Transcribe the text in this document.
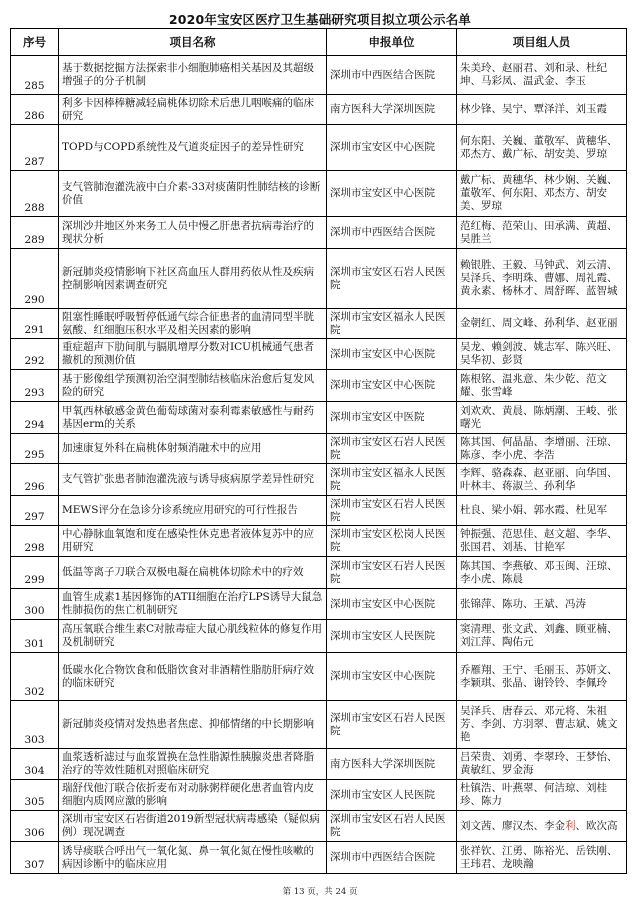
2020年宝安区医疗卫生基础研究项目拟立项公示名单
序号	项目名称	申报单位	项目组人员
285	基于数据挖掘方法探索非小细胞肺癌相关基因及其超级增强子的分子机制	深圳市中西医结合医院	朱美玲、赵丽君、刘和录、杜纪坤、马彩凤、温武金、李玉
286	利多卡因棒棒糖减轻扁桃体切除术后患儿咽喉痛的临床研究	南方医科大学深圳医院	林少锋、吴宁、覃泽洋、刘玉霞
287	TOPD与COPD系统性及气道炎症因子的差异性研究	深圳市宝安区中心医院	何东阳、关巍、董敬军、黄穗华、邓杰方、戴广标、胡安美、罗琼
288	支气管肺泡灌洗液中白介素-33对痰菌阴性肺结核的诊断价值	深圳市宝安区中心医院	戴广标、黄穗华、林少娴、关巍、董敬军、何东阳、邓杰方、胡安美、罗琼
289	深圳沙井地区外来务工人员中慢乙肝患者抗病毒治疗的现状分析	深圳市中西医结合医院	范红梅、范荣山、田承满、黄超、吴胜兰
290	新冠肺炎疫情影响下社区高血压人群用药依从性及疾病控制影响因素调查研究	深圳市宝安区石岩人民医院	赖银胜、王毅、马钟武、刘云清、吴泽兵、李明珠、曹娜、周礼霞、黄永素、杨林才、周舒晖、蓝智城
291	阻塞性睡眠呼吸暂停低通气综合征患者的血清同型半胱氨酸、红细胞压积水平及相关因素的影响	深圳市宝安区福永人民医院	金朝红、周文峰、孙利华、赵亚丽
292	重症超声下肋间肌与膈肌增厚分数对ICU机械通气患者撤机的预测价值	深圳市宝安区中心医院	吴龙、赖剑波、姚志军、陈兴旺、吴华初、彭贤
293	基于影像组学预测初治空洞型肺结核临床治愈后复发风险的研究	深圳市宝安区中心医院	陈根铭、温兆意、朱少乾、范文耀、张雪峰
294	甲氧西林敏感金黄色葡萄球菌对泰利霉素敏感性与耐药基因erm的关系	深圳市宝安区中医院	刘欢欢、黄晨、陈炳潮、王峻、张曙光
295	加速康复外科在扁桃体射频消融术中的应用	深圳市宝安区石岩人民医院	陈其国、何晶晶、李增丽、汪琼、陈彦、李小虎、李浩
296	支气管扩张患者肺泡灌洗液与诱导痰病原学差异性研究	深圳市宝安区福永人民医院	李辉、骆森森、赵亚丽、向华国、叶林丰、蒋淑兰、孙利华
297	MEWS评分在急诊分诊系统应用研究的可行性报告	深圳市宝安区石岩人民医院	杜良、梁小娟、郭水霞、杜见军
298	中心静脉血氧饱和度在感染性休克患者液体复苏中的应用研究	深圳市宝安区松岗人民医院	钟振强、范思佳、赵文超、李华、张国君、刘基、甘艳军
299	低温等离子刀联合双极电凝在扁桃体切除术中的疗效	深圳市宝安区石岩人民医院	陈其国、李燕敏、邓玉闽、汪琼、李小虎、陈晨
300	血管生成素1基因修饰的ATII细胞在治疗LPS诱导大鼠急性肺损伤的焦亡机制研究	深圳市宝安区中心医院	张锦萍、陈功、王斌、冯涛
301	高压氧联合维生素C对脓毒症大鼠心肌线粒体的修复作用及机制研究	深圳市宝安区人民医院	窦清理、张文武、刘鑫、顾亚楠、刘江萍、陶佑元
302	低碳水化合物饮食和低脂饮食对非酒精性脂肪肝病疗效的临床研究	深圳市宝安区中心医院	乔雁翔、王宁、毛丽玉、苏妍文、李颖琪、张晶、谢铃铃、李佩玲
303	新冠肺炎疫情对发热患者焦虑、抑郁情绪的中长期影响	深圳市宝安区石岩人民医院	吴泽兵、唐春云、邓元将、朱祖芳、李剑、方羽翠、曹志斌、姚文艳
304	血浆透析滤过与血浆置换在急性脂源性胰腺炎患者降脂治疗的等效性随机对照临床研究	南方医科大学深圳医院	吕荣贵、刘勇、李翠玲、王梦怡、黄敏红、罗金海
305	瑞舒伐他汀联合依折麦布对动脉粥样硬化患者血管内皮细胞内质网应激的影响	深圳市宝安区人民医院	杜镇浩、叶燕翠、何洁琼、刘桂珍、陈力
306	深圳市宝安区石岩街道2019新型冠状病毒感染（疑似病例）现况调查	深圳市宝安区石岩人民医院	刘文茜、廖汉杰、李金利、欧次高
307	诱导痰联合呼出气一氧化氮、鼻一氧化氮在慢性咳嗽的病因诊断中的临床应用	深圳市中西医结合医院	张祥钦、江勇、陈裕光、岳铁刚、王玮君、龙映瀚
第 13 页，共 24 页
